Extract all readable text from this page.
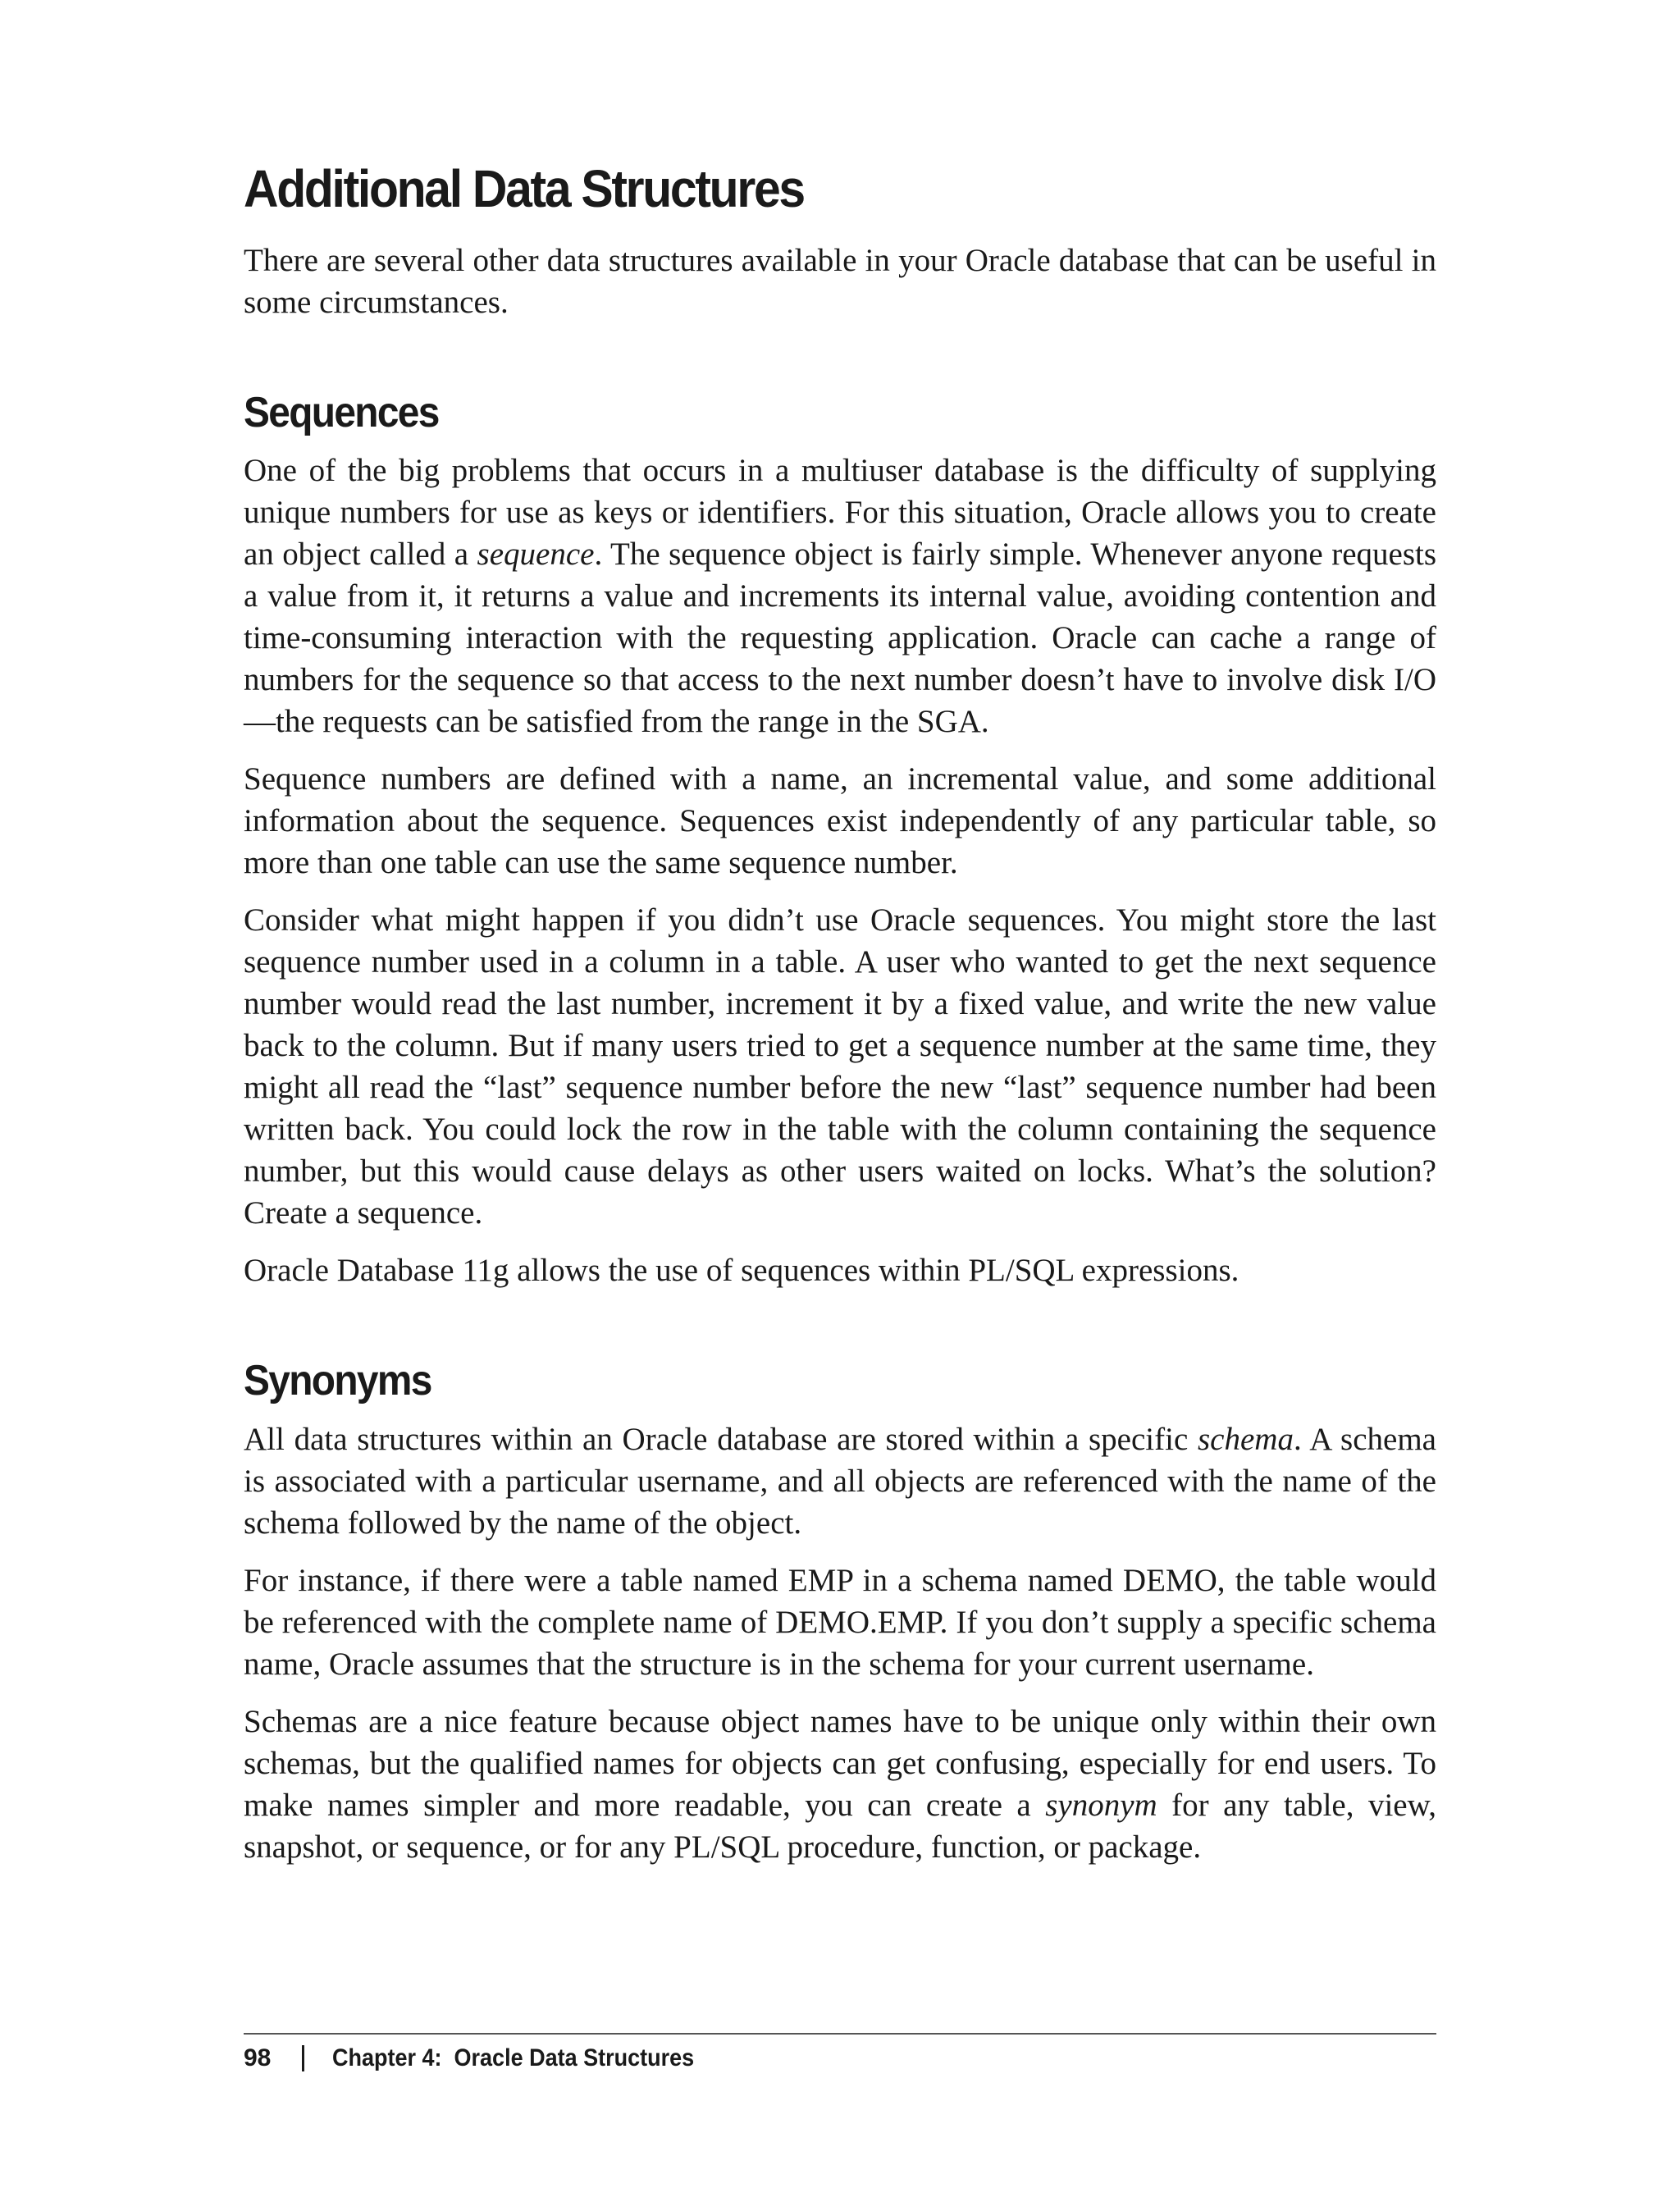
Additional Data Structures

There are several other data structures available in your Oracle database that can be useful in some circumstances.

Sequences

One of the big problems that occurs in a multiuser database is the difficulty of supplying unique numbers for use as keys or identifiers. For this situation, Oracle allows you to create an object called a sequence. The sequence object is fairly simple. Whenever anyone requests a value from it, it returns a value and increments its internal value, avoiding contention and time-consuming interaction with the requesting application. Oracle can cache a range of numbers for the sequence so that access to the next number doesn’t have to involve disk I/O—the requests can be satisfied from the range in the SGA.

Sequence numbers are defined with a name, an incremental value, and some additional information about the sequence. Sequences exist independently of any particular table, so more than one table can use the same sequence number.

Consider what might happen if you didn’t use Oracle sequences. You might store the last sequence number used in a column in a table. A user who wanted to get the next sequence number would read the last number, increment it by a fixed value, and write the new value back to the column. But if many users tried to get a sequence number at the same time, they might all read the “last” sequence number before the new “last” sequence number had been written back. You could lock the row in the table with the column containing the sequence number, but this would cause delays as other users waited on locks. What’s the solution? Create a sequence.

Oracle Database 11g allows the use of sequences within PL/SQL expressions.

Synonyms

All data structures within an Oracle database are stored within a specific schema. A schema is associated with a particular username, and all objects are referenced with the name of the schema followed by the name of the object.

For instance, if there were a table named EMP in a schema named DEMO, the table would be referenced with the complete name of DEMO.EMP. If you don’t supply a specific schema name, Oracle assumes that the structure is in the schema for your current username.

Schemas are a nice feature because object names have to be unique only within their own schemas, but the qualified names for objects can get confusing, especially for end users. To make names simpler and more readable, you can create a synonym for any table, view, snapshot, or sequence, or for any PL/SQL procedure, function, or package.

98	Chapter 4:  Oracle Data Structures
